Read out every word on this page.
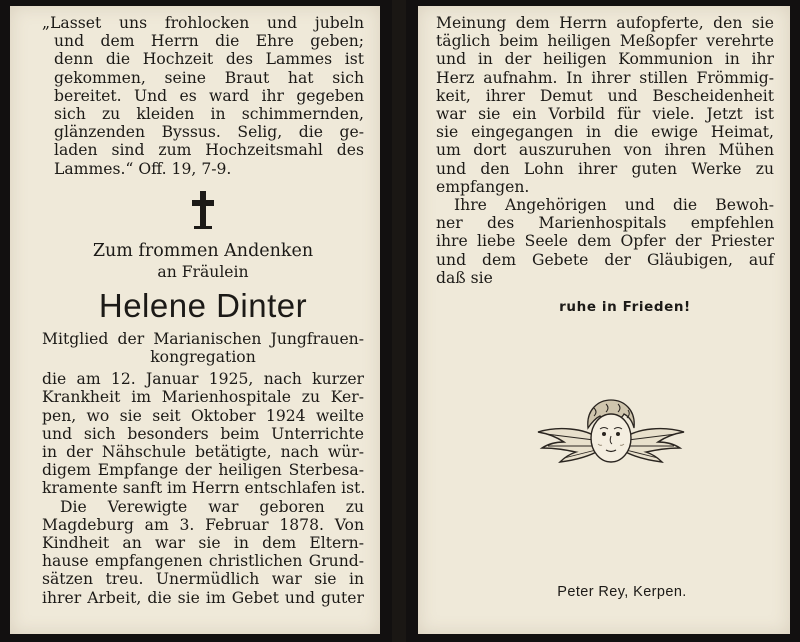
„Lasset uns frohlocken und jubeln
und dem Herrn die Ehre geben;
denn die Hochzeit des Lammes ist
gekommen, seine Braut hat sich
bereitet. Und es ward ihr gegeben
sich zu kleiden in schimmernden,
glänzenden Byssus. Selig, die ge-
laden sind zum Hochzeitsmahl des
Lammes.“ Off. 19, 7-9.
Zum frommen Andenken
an Fräulein
Helene Dinter
Mitglied der Marianischen Jungfrauen-
kongregation
die am 12. Januar 1925, nach kurzer
Krankheit im Marienhospitale zu Ker-
pen, wo sie seit Oktober 1924 weilte
und sich besonders beim Unterrichte
in der Nähschule betätigte, nach wür-
digem Empfange der heiligen Sterbesa-
kramente sanft im Herrn entschlafen ist.
Die Verewigte war geboren zu
Magdeburg am 3. Februar 1878. Von
Kindheit an war sie in dem Eltern-
hause empfangenen christlichen Grund-
sätzen treu. Unermüdlich war sie in
ihrer Arbeit, die sie im Gebet und guter
Meinung dem Herrn aufopferte, den sie
täglich beim heiligen Meßopfer verehrte
und in der heiligen Kommunion in ihr
Herz aufnahm. In ihrer stillen Frömmig-
keit, ihrer Demut und Bescheidenheit
war sie ein Vorbild für viele. Jetzt ist
sie eingegangen in die ewige Heimat,
um dort auszuruhen von ihren Mühen
und den Lohn ihrer guten Werke zu
empfangen.
Ihre Angehörigen und die Bewoh-
ner des Marienhospitals empfehlen
ihre liebe Seele dem Opfer der Priester
und dem Gebete der Gläubigen, auf
daß sie
ruhe in Frieden!
Peter Rey, Kerpen.
